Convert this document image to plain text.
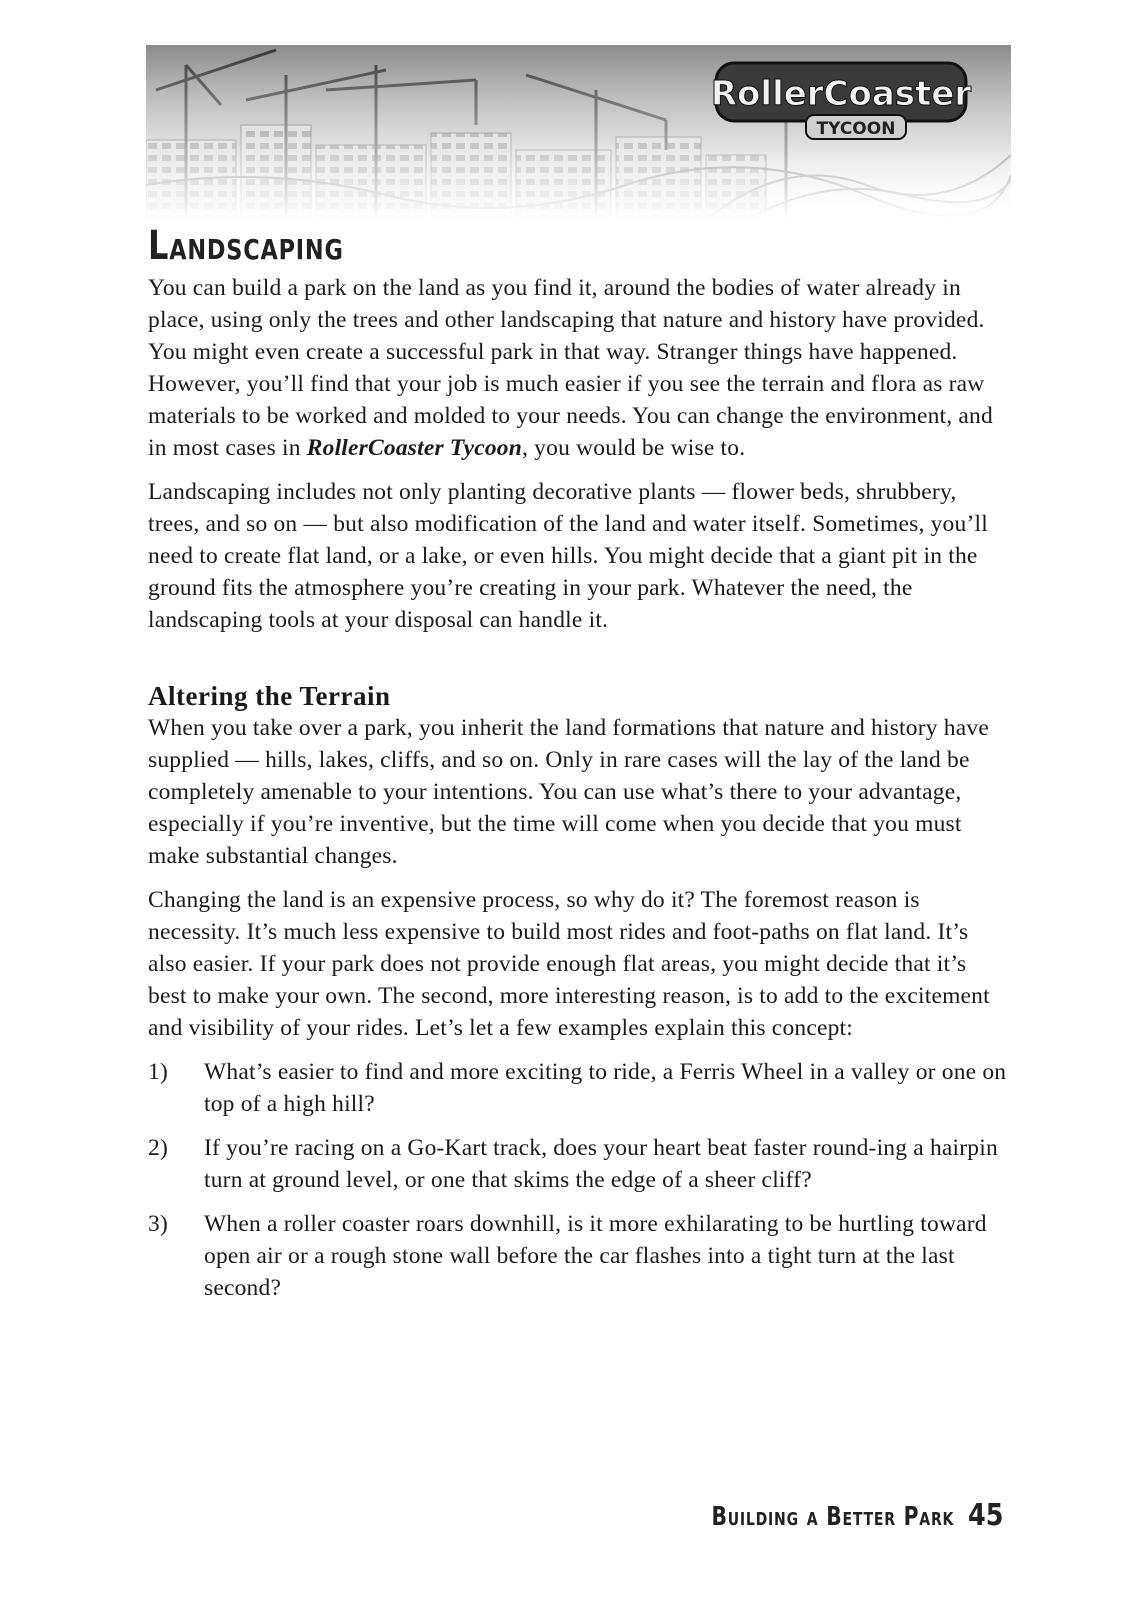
RollerCoaster
TYCOON
Landscaping

You can build a park on the land as you find it, around the bodies of water already in place, using only the trees and other landscaping that nature and history have provided. You might even create a successful park in that way. Stranger things have happened. However, you’ll find that your job is much easier if you see the terrain and flora as raw materials to be worked and molded to your needs. You can change the environment, and in most cases in RollerCoaster Tycoon, you would be wise to.

Landscaping includes not only planting decorative plants — flower beds, shrubbery, trees, and so on — but also modification of the land and water itself. Sometimes, you’ll need to create flat land, or a lake, or even hills. You might decide that a giant pit in the ground fits the atmosphere you’re creating in your park. Whatever the need, the landscaping tools at your disposal can handle it.

Altering the Terrain

When you take over a park, you inherit the land formations that nature and history have supplied — hills, lakes, cliffs, and so on. Only in rare cases will the lay of the land be completely amenable to your intentions. You can use what’s there to your advantage, especially if you’re inventive, but the time will come when you decide that you must make substantial changes.

Changing the land is an expensive process, so why do it? The foremost reason is necessity. It’s much less expensive to build most rides and foot-paths on flat land. It’s also easier. If your park does not provide enough flat areas, you might decide that it’s best to make your own. The second, more interesting reason, is to add to the excitement and visibility of your rides. Let’s let a few examples explain this concept:

1)	What’s easier to find and more exciting to ride, a Ferris Wheel in a valley or one on top of a high hill?
2)	If you’re racing on a Go-Kart track, does your heart beat faster round-ing a hairpin turn at ground level, or one that skims the edge of a sheer cliff?
3)	When a roller coaster roars downhill, is it more exhilarating to be hurtling toward open air or a rough stone wall before the car flashes into a tight turn at the last second?
Building a Better Park 45
